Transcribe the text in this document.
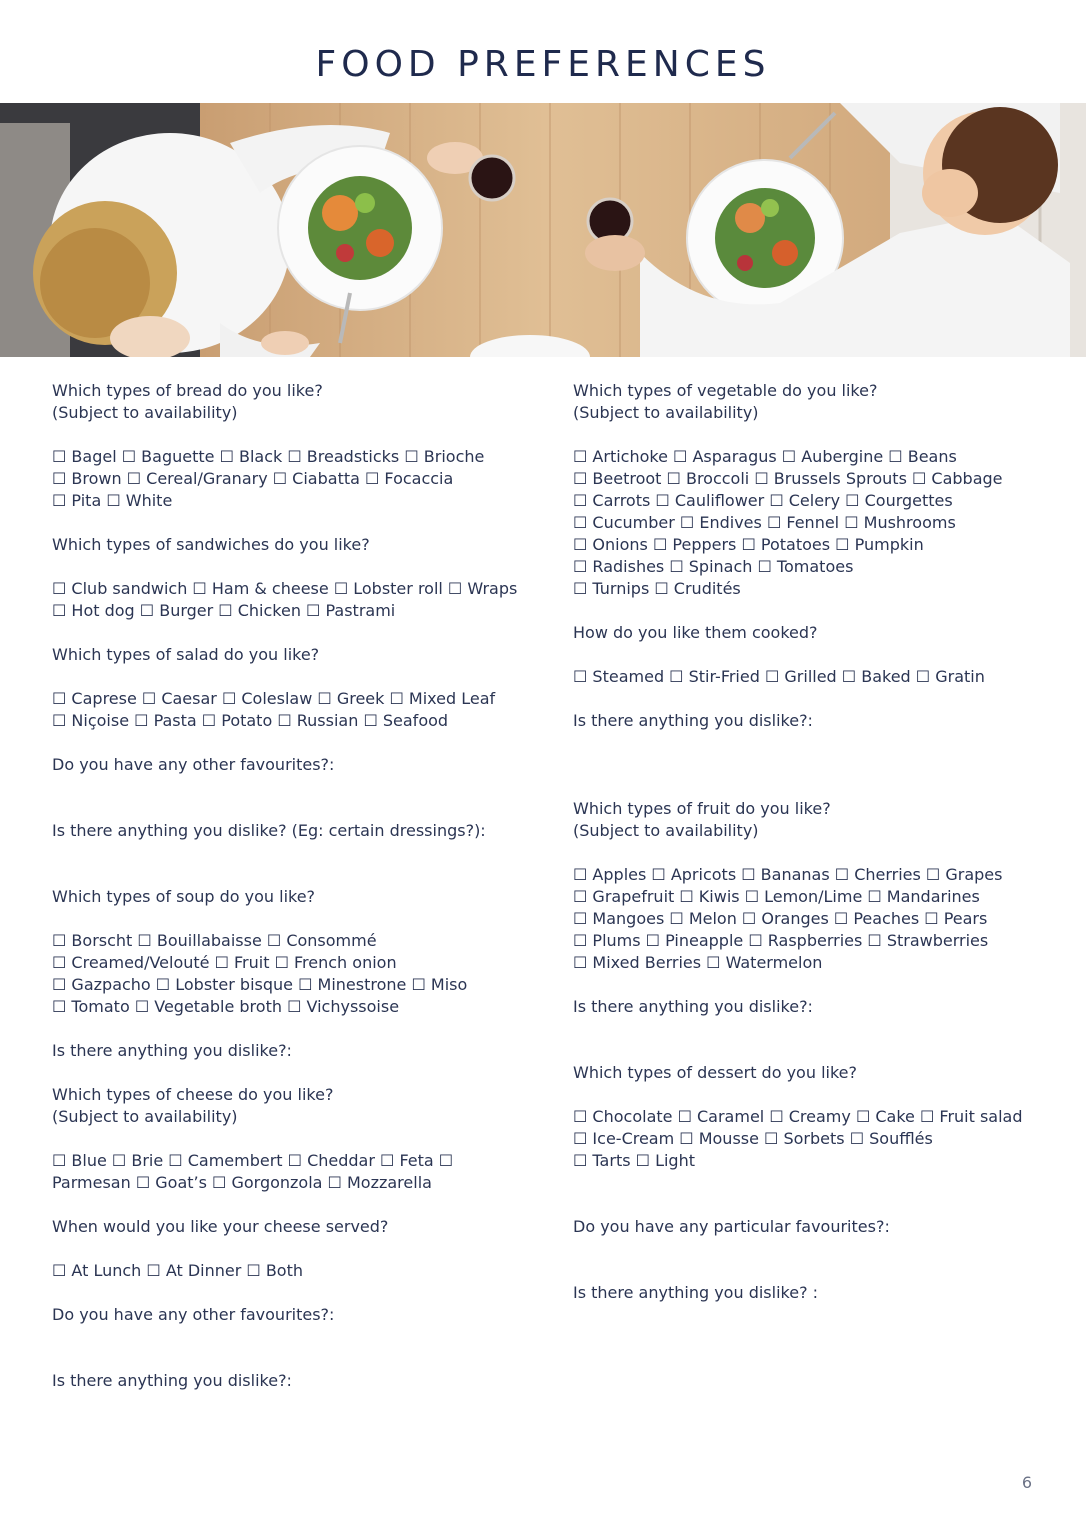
FOOD PREFERENCES

Which types of bread do you like?

(Subject to availability)

☐ Bagel ☐ Baguette ☐ Black ☐ Breadsticks ☐ Brioche

☐ Brown ☐ Cereal/Granary ☐ Ciabatta ☐ Focaccia

☐ Pita ☐ White

Which types of sandwiches do you like?

☐ Club sandwich ☐ Ham & cheese ☐ Lobster roll ☐ Wraps

☐ Hot dog ☐ Burger ☐ Chicken ☐ Pastrami

Which types of salad do you like?

☐ Caprese ☐ Caesar ☐ Coleslaw ☐ Greek ☐ Mixed Leaf

☐ Niçoise ☐ Pasta ☐ Potato ☐ Russian ☐ Seafood

Do you have any other favourites?:

Is there anything you dislike? (Eg: certain dressings?):

Which types of soup do you like?

☐ Borscht ☐ Bouillabaisse ☐ Consommé

☐ Creamed/Velouté ☐ Fruit ☐ French onion

☐ Gazpacho ☐ Lobster bisque ☐ Minestrone ☐ Miso

☐ Tomato ☐ Vegetable broth ☐ Vichyssoise

Is there anything you dislike?:

Which types of cheese do you like?

(Subject to availability)

☐ Blue ☐ Brie ☐ Camembert ☐ Cheddar ☐ Feta ☐

Parmesan ☐ Goat’s ☐ Gorgonzola ☐ Mozzarella

When would you like your cheese served?

☐ At Lunch ☐ At Dinner ☐ Both

Do you have any other favourites?:

Is there anything you dislike?:

Which types of vegetable do you like?

(Subject to availability)

☐ Artichoke ☐ Asparagus ☐ Aubergine ☐ Beans

☐ Beetroot ☐ Broccoli ☐ Brussels Sprouts ☐ Cabbage

☐ Carrots ☐ Cauliflower ☐ Celery ☐ Courgettes

☐ Cucumber ☐ Endives ☐ Fennel ☐ Mushrooms

☐ Onions ☐ Peppers ☐ Potatoes ☐ Pumpkin

☐ Radishes ☐ Spinach ☐ Tomatoes

☐ Turnips ☐ Crudités

How do you like them cooked?

☐ Steamed ☐ Stir-Fried ☐ Grilled ☐ Baked ☐ Gratin

Is there anything you dislike?:

Which types of fruit do you like?

(Subject to availability)

☐ Apples ☐ Apricots ☐ Bananas ☐ Cherries ☐ Grapes

☐ Grapefruit ☐ Kiwis ☐ Lemon/Lime ☐ Mandarines

☐ Mangoes ☐ Melon ☐ Oranges ☐ Peaches ☐ Pears

☐ Plums ☐ Pineapple ☐ Raspberries ☐ Strawberries

☐ Mixed Berries ☐ Watermelon

Is there anything you dislike?:

Which types of dessert do you like?

☐ Chocolate ☐ Caramel ☐ Creamy ☐ Cake ☐ Fruit salad

☐ Ice-Cream ☐ Mousse ☐ Sorbets ☐ Soufflés

☐ Tarts ☐ Light

Do you have any particular favourites?:

Is there anything you dislike? :

6
